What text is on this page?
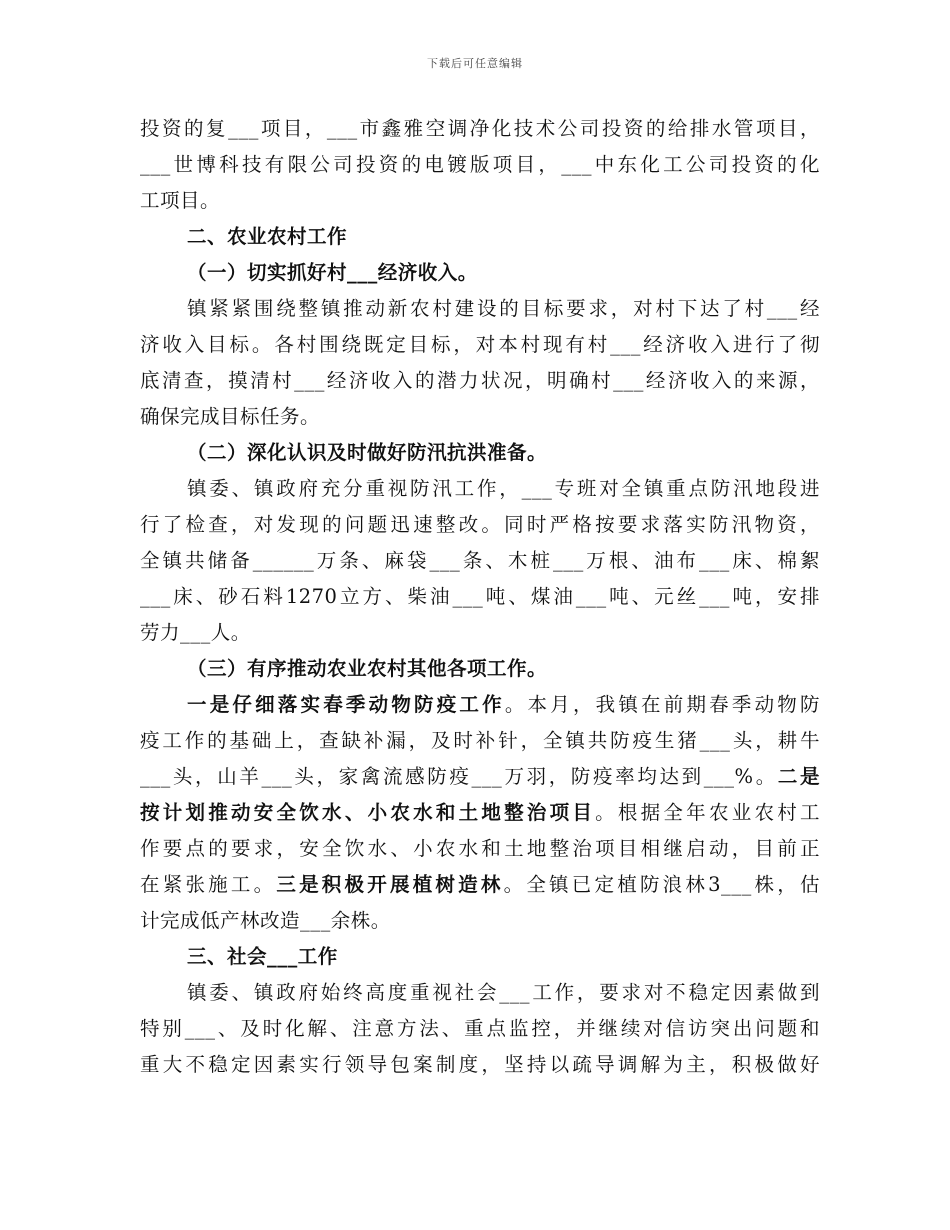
下载后可任意编辑
投资的复___项目，___市鑫雅空调净化技术公司投资的给排水管项目，
___世博科技有限公司投资的电镀版项目，___中东化工公司投资的化
工项目。
二、农业农村工作
（一）切实抓好村___经济收入。
镇紧紧围绕整镇推动新农村建设的目标要求，对村下达了村___经
济收入目标。各村围绕既定目标，对本村现有村___经济收入进行了彻
底清查，摸清村___经济收入的潜力状况，明确村___经济收入的来源，
确保完成目标任务。
（二）深化认识及时做好防汛抗洪准备。
镇委、镇政府充分重视防汛工作，___专班对全镇重点防汛地段进
行了检查，对发现的问题迅速整改。同时严格按要求落实防汛物资，
全镇共储备______万条、麻袋___条、木桩___万根、油布___床、棉絮
___床、砂石料1270立方、柴油___吨、煤油___吨、元丝___吨，安排
劳力___人。
（三）有序推动农业农村其他各项工作。
一是仔细落实春季动物防疫工作。本月，我镇在前期春季动物防
疫工作的基础上，查缺补漏，及时补针，全镇共防疫生猪___头，耕牛
___头，山羊___头，家禽流感防疫___万羽，防疫率均达到___%。二是
按计划推动安全饮水、小农水和土地整治项目。根据全年农业农村工
作要点的要求，安全饮水、小农水和土地整治项目相继启动，目前正
在紧张施工。三是积极开展植树造林。全镇已定植防浪林3___株，估
计完成低产林改造___余株。
三、社会___工作
镇委、镇政府始终高度重视社会___工作，要求对不稳定因素做到
特别___、及时化解、注意方法、重点监控，并继续对信访突出问题和
重大不稳定因素实行领导包案制度，坚持以疏导调解为主，积极做好
